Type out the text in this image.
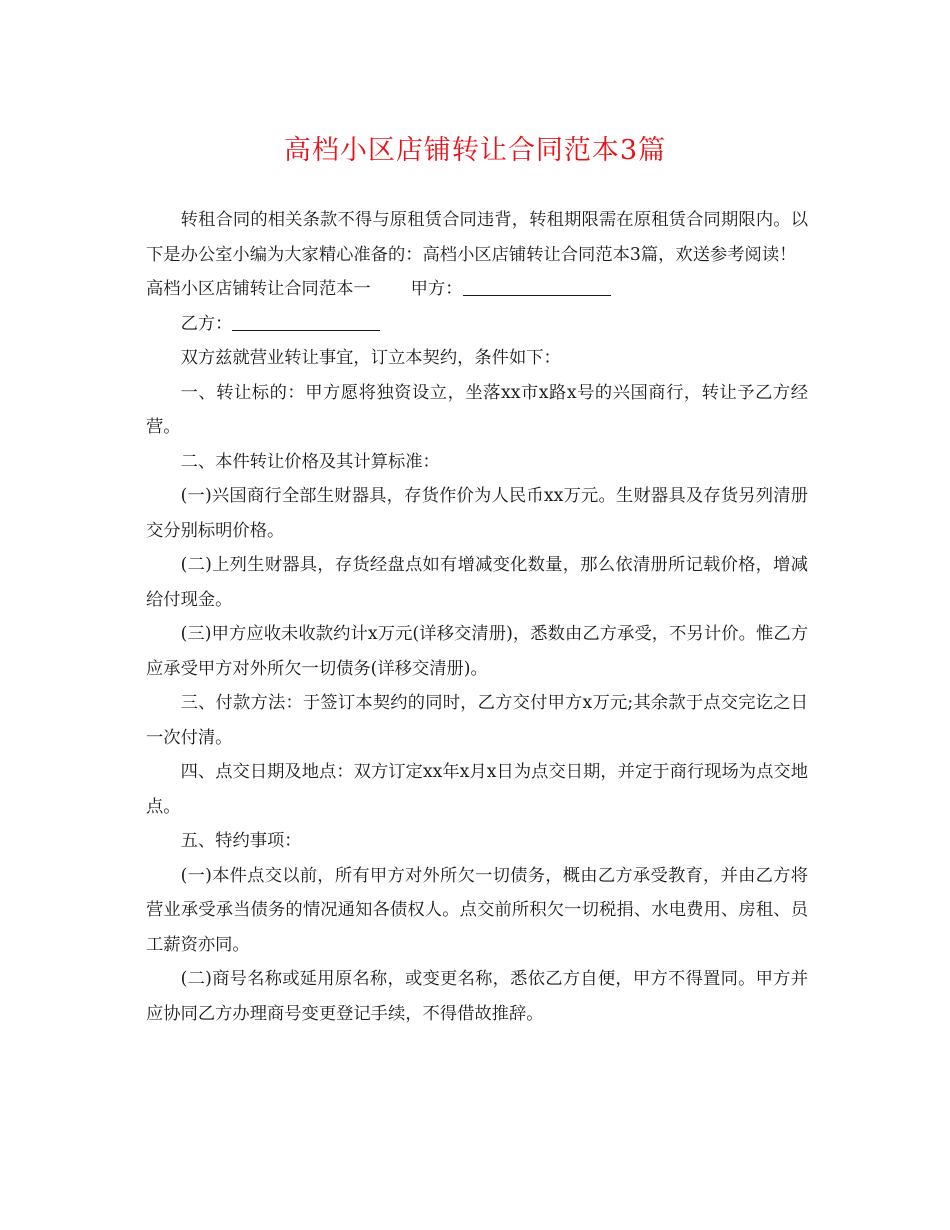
高档小区店铺转让合同范本3篇

转租合同的相关条款不得与原租赁合同违背，转租期限需在原租赁合同期限内。以下是办公室小编为大家精心准备的：高档小区店铺转让合同范本3篇，欢送参考阅读！

高档小区店铺转让合同范本一 甲方：

乙方：

双方兹就营业转让事宜，订立本契约，条件如下：

一、转让标的：甲方愿将独资设立，坐落xx市x路x号的兴国商行，转让予乙方经营。

二、本件转让价格及其计算标准：

(一)兴国商行全部生财器具，存货作价为人民币xx万元。生财器具及存货另列清册交分别标明价格。

(二)上列生财器具，存货经盘点如有增减变化数量，那么依清册所记载价格，增减给付现金。

(三)甲方应收未收款约计x万元(详移交清册)，悉数由乙方承受，不另计价。惟乙方应承受甲方对外所欠一切债务(详移交清册)。

三、付款方法：于签订本契约的同时，乙方交付甲方x万元;其余款于点交完讫之日一次付清。

四、点交日期及地点：双方订定xx年x月x日为点交日期，并定于商行现场为点交地点。

五、特约事项：

(一)本件点交以前，所有甲方对外所欠一切债务，概由乙方承受教育，并由乙方将营业承受承当债务的情况通知各债权人。点交前所积欠一切税捐、水电费用、房租、员工薪资亦同。

(二)商号名称或延用原名称，或变更名称，悉依乙方自便，甲方不得置同。甲方并应协同乙方办理商号变更登记手续，不得借故推辞。
